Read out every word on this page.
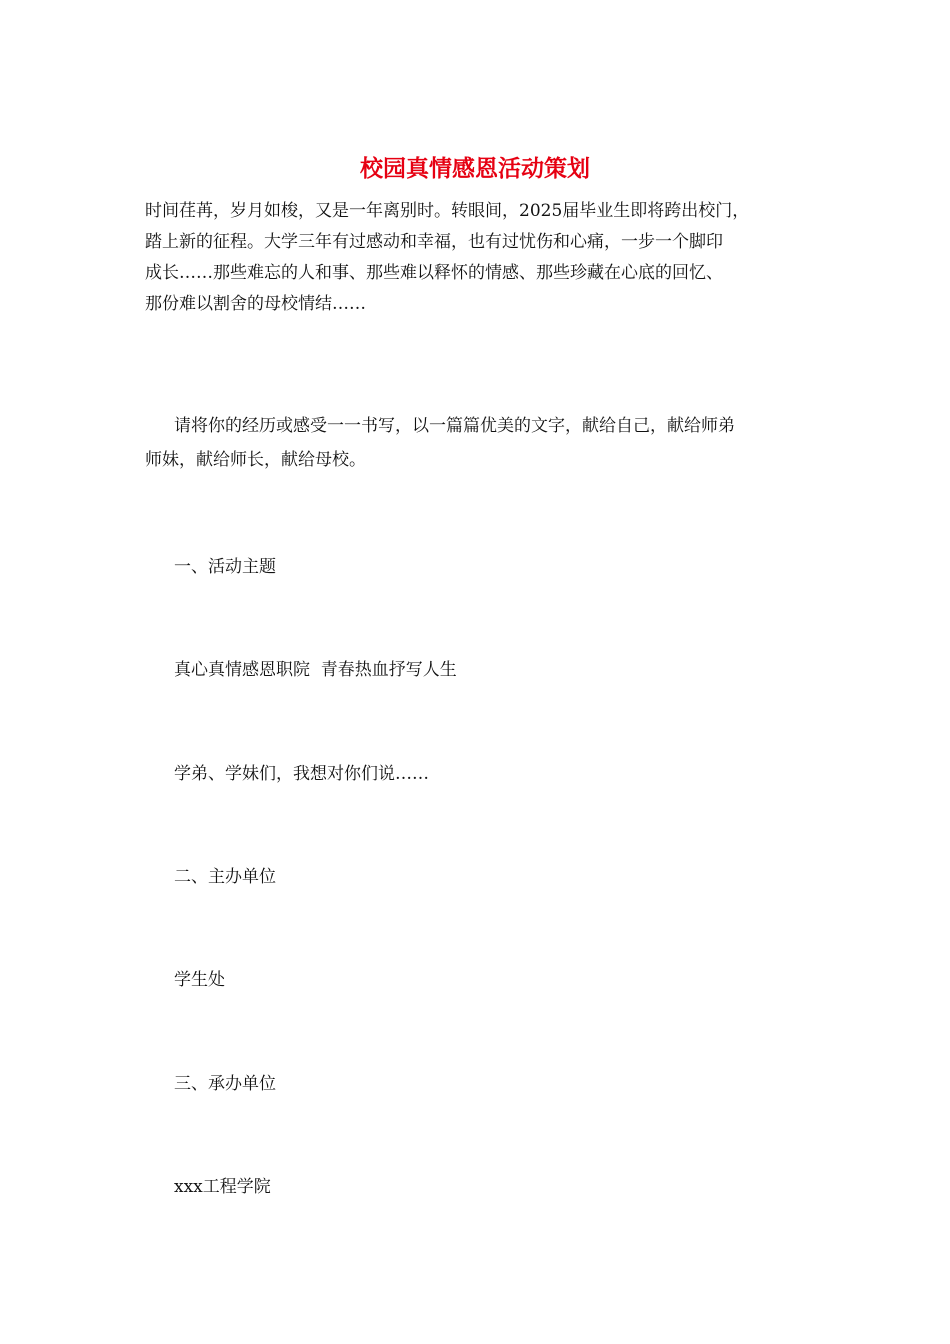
校园真情感恩活动策划

时间荏苒，岁月如梭，又是一年离别时。转眼间，2025届毕业生即将跨出校门，
踏上新的征程。大学三年有过感动和幸福，也有过忧伤和心痛，一步一个脚印
成长……那些难忘的人和事、那些难以释怀的情感、那些珍藏在心底的回忆、
那份难以割舍的母校情结……

请将你的经历或感受一一书写，以一篇篇优美的文字，献给自己，献给师弟
师妹，献给师长，献给母校。

一、活动主题

真心真情感恩职院  青春热血抒写人生

学弟、学妹们，我想对你们说……

二、主办单位

学生处

三、承办单位

xxx工程学院
